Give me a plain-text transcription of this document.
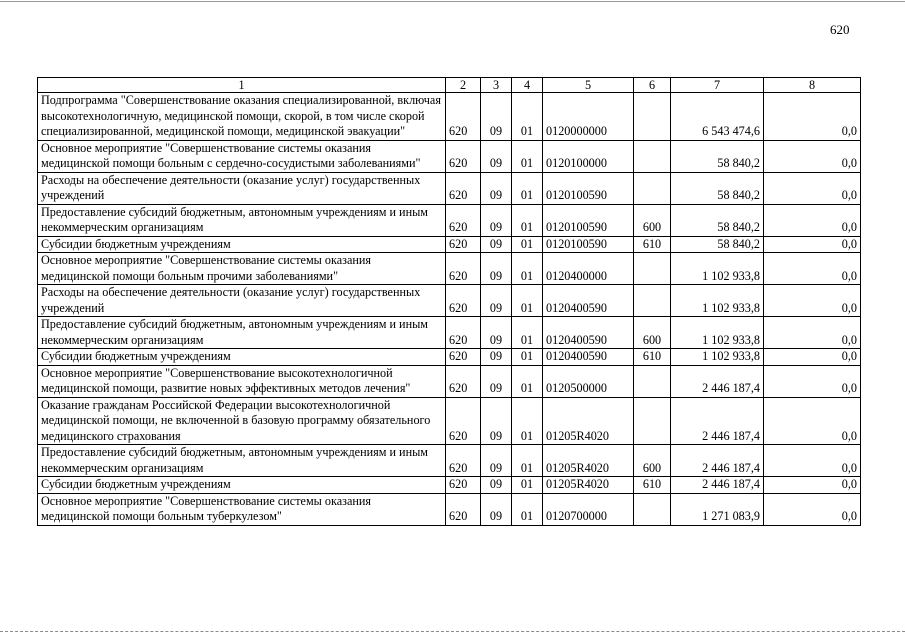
620
1	2	3	4	5	6	7	8
Подпрограмма "Совершенствование оказания специализированной, включая высокотехнологичную, медицинской помощи, скорой, в том числе скорой специализированной, медицинской помощи, медицинской эвакуации"	620	09	01	0120000000		6 543 474,6	0,0
Основное мероприятие "Совершенствование системы оказания медицинской помощи больным с сердечно-сосудистыми заболеваниями"	620	09	01	0120100000		58 840,2	0,0
Расходы на обеспечение деятельности (оказание услуг) государственных учреждений	620	09	01	0120100590		58 840,2	0,0
Предоставление субсидий бюджетным, автономным учреждениям и иным некоммерческим организациям	620	09	01	0120100590	600	58 840,2	0,0
Субсидии бюджетным учреждениям	620	09	01	0120100590	610	58 840,2	0,0
Основное мероприятие "Совершенствование системы оказания медицинской помощи больным прочими заболеваниями"	620	09	01	0120400000		1 102 933,8	0,0
Расходы на обеспечение деятельности (оказание услуг) государственных учреждений	620	09	01	0120400590		1 102 933,8	0,0
Предоставление субсидий бюджетным, автономным учреждениям и иным некоммерческим организациям	620	09	01	0120400590	600	1 102 933,8	0,0
Субсидии бюджетным учреждениям	620	09	01	0120400590	610	1 102 933,8	0,0
Основное мероприятие "Совершенствование высокотехнологичной медицинской помощи, развитие новых эффективных методов лечения"	620	09	01	0120500000		2 446 187,4	0,0
Оказание гражданам Российской Федерации высокотехнологичной медицинской помощи, не включенной в базовую программу обязательного медицинского страхования	620	09	01	01205R4020		2 446 187,4	0,0
Предоставление субсидий бюджетным, автономным учреждениям и иным некоммерческим организациям	620	09	01	01205R4020	600	2 446 187,4	0,0
Субсидии бюджетным учреждениям	620	09	01	01205R4020	610	2 446 187,4	0,0
Основное мероприятие "Совершенствование системы оказания медицинской помощи больным туберкулезом"	620	09	01	0120700000		1 271 083,9	0,0
